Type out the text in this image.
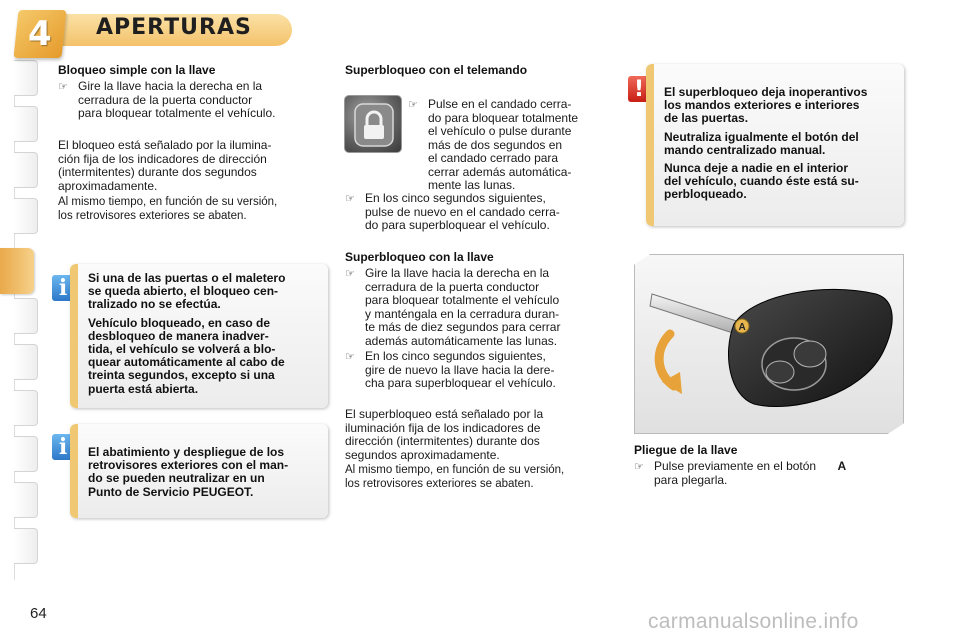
4 APERTURAS
Bloqueo simple con la llave
☞ Gire la llave hacia la derecha en la
cerradura de la puerta conductor
para bloquear totalmente el vehículo.
El bloqueo está señalado por la ilumina-
ción fija de los indicadores de dirección
(intermitentes) durante dos segundos
aproximadamente.
Al mismo tiempo, en función de su versión,
los retrovisores exteriores se abaten.
i	Si una de las puertas o el maletero
se queda abierto, el bloqueo cen-
tralizado no se efectúa.

Vehículo bloqueado, en caso de
desbloqueo de manera inadver-
tida, el vehículo se volverá a blo-
quear automáticamente al cabo de
treinta segundos, excepto si una
puerta está abierta.

i	El abatimiento y despliegue de los
retrovisores exteriores con el man-
do se pueden neutralizar en un
Punto de Servicio PEUGEOT.

Superbloqueo con el telemando
☞ Pulse en el candado cerra-
do para bloquear totalmente
el vehículo o pulse durante
más de dos segundos en
el candado cerrado para
cerrar además automática-
mente las lunas.
☞ En los cinco segundos siguientes,
pulse de nuevo en el candado cerra-
do para superbloquear el vehículo.
Superbloqueo con la llave
☞ Gire la llave hacia la derecha en la
cerradura de la puerta conductor
para bloquear totalmente el vehículo
y manténgala en la cerradura duran-
te más de diez segundos para cerrar
además automáticamente las lunas.
☞ En los cinco segundos siguientes,
gire de nuevo la llave hacia la dere-
cha para superbloquear el vehículo.
El superbloqueo está señalado por la
iluminación fija de los indicadores de
dirección (intermitentes) durante dos
segundos aproximadamente.
Al mismo tiempo, en función de su versión,
los retrovisores exteriores se abaten.
!	El superbloqueo deja inoperantivos
los mandos exteriores e interiores
de las puertas.

Neutraliza igualmente el botón del
mando centralizado manual.

Nunca deje a nadie en el interior
del vehículo, cuando éste está su-
perbloqueado.

A
Pliegue de la llave
☞ Pulse previamente en el botón A
para plegarla.
64	carmanualsonline.info
